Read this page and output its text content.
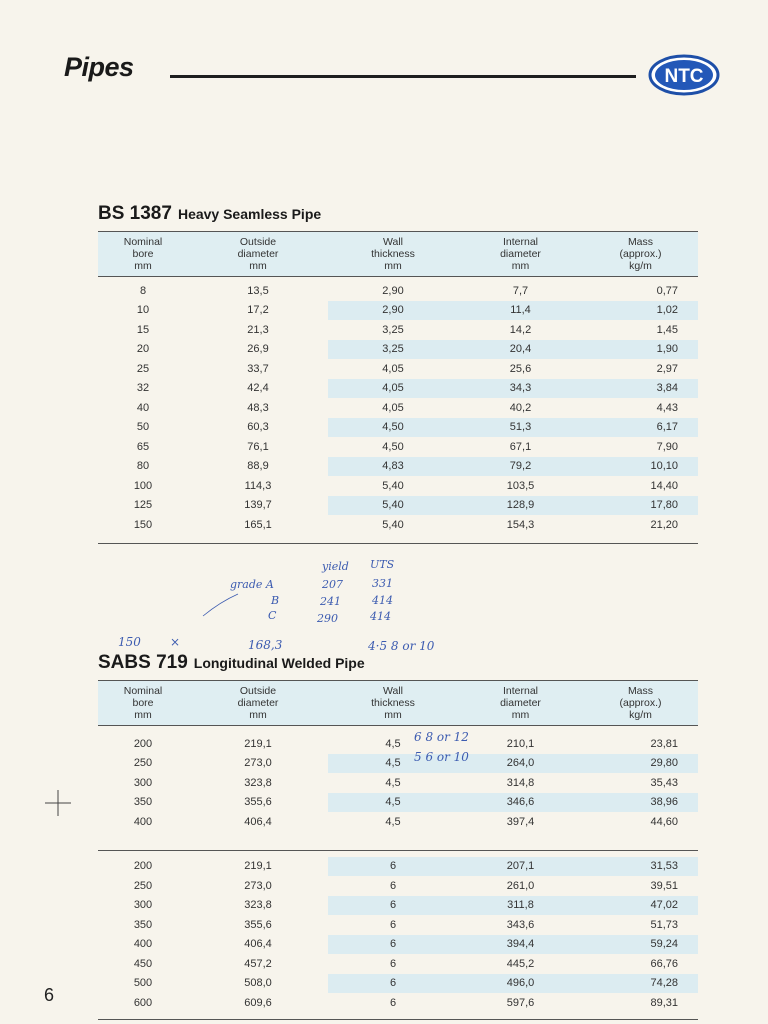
Pipes	NTC
BS 1387 Heavy Seamless Pipe
Nominal
bore
mm
Outside
diameter
mm
Wall
thickness
mm
Internal
diameter
mm
Mass
(approx.)
kg/m
8	13,5	2,90	7,7	0,77
10	17,2	2,90	11,4	1,02
15	21,3	3,25	14,2	1,45
20	26,9	3,25	20,4	1,90
25	33,7	4,05	25,6	2,97
32	42,4	4,05	34,3	3,84
40	48,3	4,05	40,2	4,43
50	60,3	4,50	51,3	6,17
65	76,1	4,50	67,1	7,90
80	88,9	4,83	79,2	10,10
100	114,3	5,40	103,5	14,40
125	139,7	5,40	128,9	17,80
150	165,1	5,40	154,3	21,20
yield UTS
grade A	207	331
B	241	414
C	290	414
150 ×	168,3	4·5 8 or 10
SABS 719 Longitudinal Welded Pipe
Nominal
bore
mm
Outside
diameter
mm
Wall
thickness
mm
Internal
diameter
mm
Mass
(approx.)
kg/m
200	219,1	4,5	210,1	23,81
250	273,0	4,5	264,0	29,80
300	323,8	4,5	314,8	35,43
350	355,6	4,5	346,6	38,96
400	406,4	4,5	397,4	44,60
200	219,1	6	207,1	31,53
250	273,0	6	261,0	39,51
300	323,8	6	311,8	47,02
350	355,6	6	343,6	51,73
400	406,4	6	394,4	59,24
450	457,2	6	445,2	66,76
500	508,0	6	496,0	74,28
600	609,6	6	597,6	89,31
6 8 or 12
5 6 or 10
6
